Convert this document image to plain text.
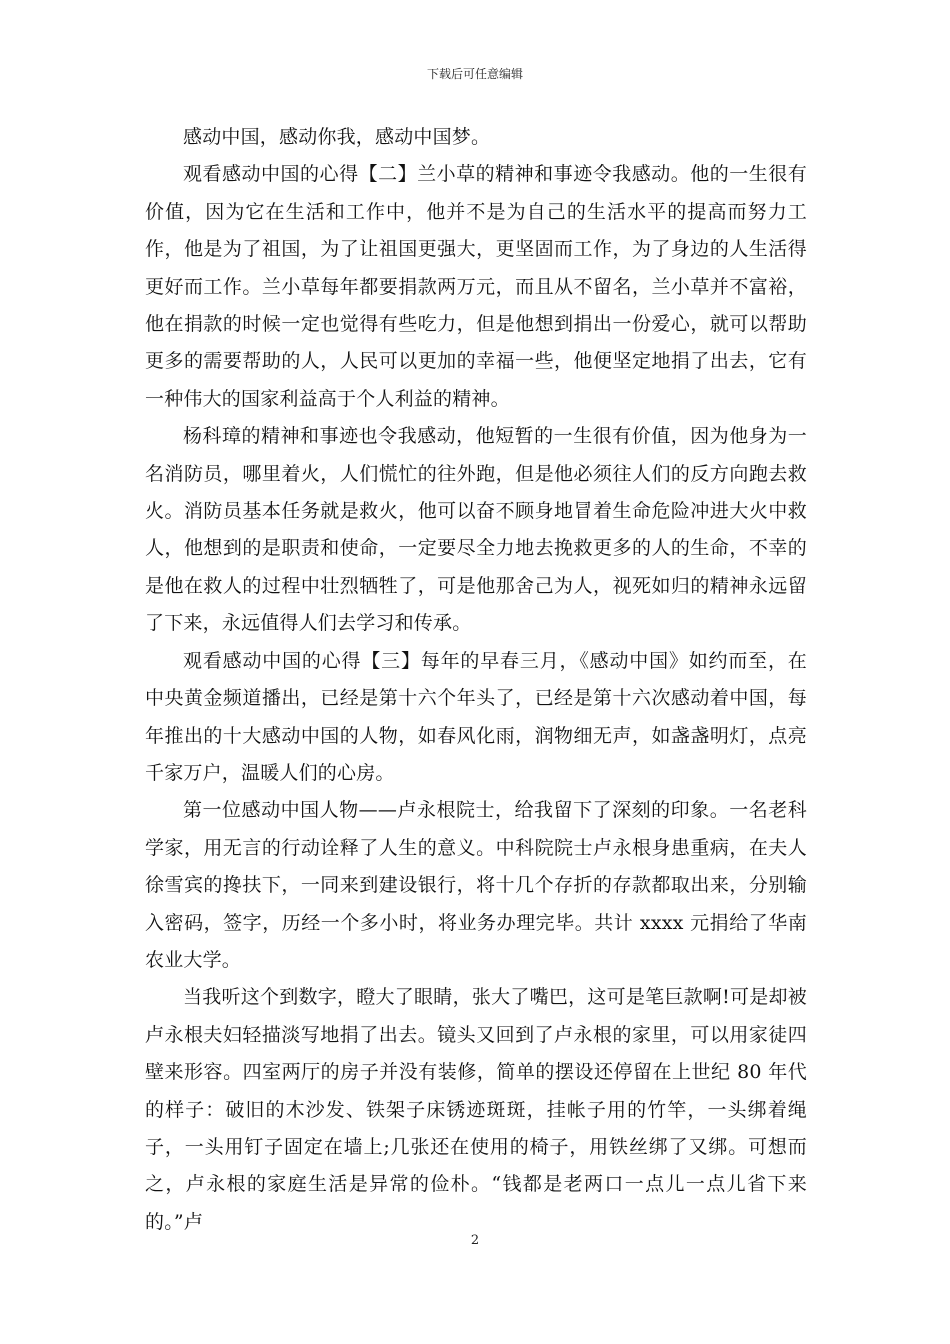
下载后可任意编辑

感动中国，感动你我，感动中国梦。

观看感动中国的心得【二】兰小草的精神和事迹令我感动。他的一生很有价值，因为它在生活和工作中，他并不是为自己的生活水平的提高而努力工作，他是为了祖国，为了让祖国更强大，更坚固而工作，为了身边的人生活得更好而工作。兰小草每年都要捐款两万元，而且从不留名，兰小草并不富裕，他在捐款的时候一定也觉得有些吃力，但是他想到捐出一份爱心，就可以帮助更多的需要帮助的人，人民可以更加的幸福一些，他便坚定地捐了出去，它有一种伟大的国家利益高于个人利益的精神。

杨科璋的精神和事迹也令我感动，他短暂的一生很有价值，因为他身为一名消防员，哪里着火，人们慌忙的往外跑，但是他必须往人们的反方向跑去救火。消防员基本任务就是救火，他可以奋不顾身地冒着生命危险冲进大火中救人，他想到的是职责和使命，一定要尽全力地去挽救更多的人的生命，不幸的是他在救人的过程中壮烈牺牲了，可是他那舍己为人，视死如归的精神永远留了下来，永远值得人们去学习和传承。

观看感动中国的心得【三】每年的早春三月，《感动中国》如约而至，在中央黄金频道播出，已经是第十六个年头了，已经是第十六次感动着中国，每年推出的十大感动中国的人物，如春风化雨，润物细无声，如盏盏明灯，点亮千家万户，温暖人们的心房。

第一位感动中国人物——卢永根院士，给我留下了深刻的印象。一名老科学家，用无言的行动诠释了人生的意义。中科院院士卢永根身患重病，在夫人徐雪宾的搀扶下，一同来到建设银行，将十几个存折的存款都取出来，分别输入密码，签字，历经一个多小时，将业务办理完毕。共计 xxxx 元捐给了华南农业大学。

当我听这个到数字，瞪大了眼睛，张大了嘴巴，这可是笔巨款啊!可是却被卢永根夫妇轻描淡写地捐了出去。镜头又回到了卢永根的家里，可以用家徒四壁来形容。四室两厅的房子并没有装修，简单的摆设还停留在上世纪 80 年代的样子：破旧的木沙发、铁架子床锈迹斑斑，挂帐子用的竹竿，一头绑着绳子，一头用钉子固定在墙上;几张还在使用的椅子，用铁丝绑了又绑。可想而之，卢永根的家庭生活是异常的俭朴。“钱都是老两口一点儿一点儿省下来的。”卢

2
